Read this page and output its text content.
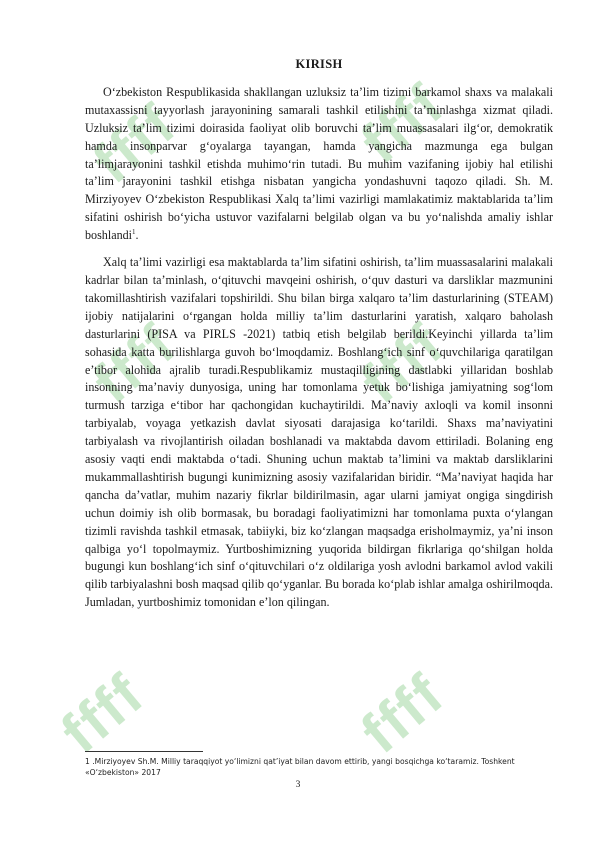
ffff	ffff
ffff	ffff
ffff	ffff
KIRISH

O‘zbekiston Respublikasida shakllangan uzluksiz ta’lim tizimi barkamol shaxs va malakali mutaxassisni tayyorlash jarayonining samarali tashkil etilishini ta’minlashga xizmat qiladi. Uzluksiz ta’lim tizimi doirasida faoliyat olib boruvchi ta’lim muassasalari ilg‘or, demokratik hamda insonparvar g‘oyalarga tayangan, hamda yangicha mazmunga ega bulgan ta’limjarayonini tashkil etishda muhimo‘rin tutadi. Bu muhim vazifaning ijobiy hal etilishi ta’lim jarayonini tashkil etishga nisbatan yangicha yondashuvni taqozo qiladi. Sh. M. Mirziyoyev O‘zbekiston Respublikasi Xalq ta’limi vazirligi mamlakatimiz maktablarida ta’lim sifatini oshirish bo‘yicha ustuvor vazifalarni belgilab olgan va bu yo‘nalishda amaliy ishlar boshlandi$^1$.

Xalq ta’limi vazirligi esa maktablarda ta’lim sifatini oshirish, ta’lim muassasalarini malakali kadrlar bilan ta’minlash, o‘qituvchi mavqeini oshirish, o‘quv dasturi va darsliklar mazmunini takomillashtirish vazifalari topshirildi. Shu bilan birga xalqaro ta’lim dasturlarining (STEAM) ijobiy natijalarini o‘rgangan holda milliy ta’lim dasturlarini yaratish, xalqaro baholash dasturlarini (PISA va PIRLS -2021) tatbiq etish belgilab berildi.Keyinchi yillarda ta’lim sohasida katta burilishlarga guvoh bo‘lmoqdamiz. Boshlang‘ich sinf o‘quvchilariga qaratilgan e’tibor alohida ajralib turadi.Respublikamiz mustaqilligining dastlabki yillaridan boshlab insonning ma’naviy dunyosiga, uning har tomonlama yetuk bo‘lishiga jamiyatning sog‘lom turmush tarziga e‘tibor har qachongidan kuchaytirildi. Ma’naviy axloqli va komil insonni tarbiyalab, voyaga yetkazish davlat siyosati darajasiga ko‘tarildi. Shaxs ma’naviyatini tarbiyalash va rivojlantirish oiladan boshlanadi va maktabda davom ettiriladi. Bolaning eng asosiy vaqti endi maktabda o‘tadi. Shuning uchun maktab ta’limini va maktab darsliklarini mukammallashtirish bugungi kunimizning asosiy vazifalaridan biridir. “Ma’naviyat haqida har qancha da’vatlar, muhim nazariy fikrlar bildirilmasin, agar ularni jamiyat ongiga singdirish uchun doimiy ish olib bormasak, bu boradagi faoliyatimizni har tomonlama puxta o‘ylangan tizimli ravishda tashkil etmasak, tabiiyki, biz ko‘zlangan maqsadga erisholmaymiz, ya’ni inson qalbiga yo‘l topolmaymiz. Yurtboshimizning yuqorida bildirgan fikrlariga qo‘shilgan holda bugungi kun boshlang‘ich sinf o‘qituvchilari o‘z oldilariga yosh avlodni barkamol avlod vakili qilib tarbiyalashni bosh maqsad qilib qo‘yganlar. Bu borada ko‘plab ishlar amalga oshirilmoqda. Jumladan, yurtboshimiz tomonidan e’lon qilingan.

1 .Mirziyoyev Sh.M. Milliy taraqqiyot yo‘limizni qat’iyat bilan davom ettirib, yangi bosqichga ko‘taramiz. Toshkent «O‘zbekiston» 2017
3
